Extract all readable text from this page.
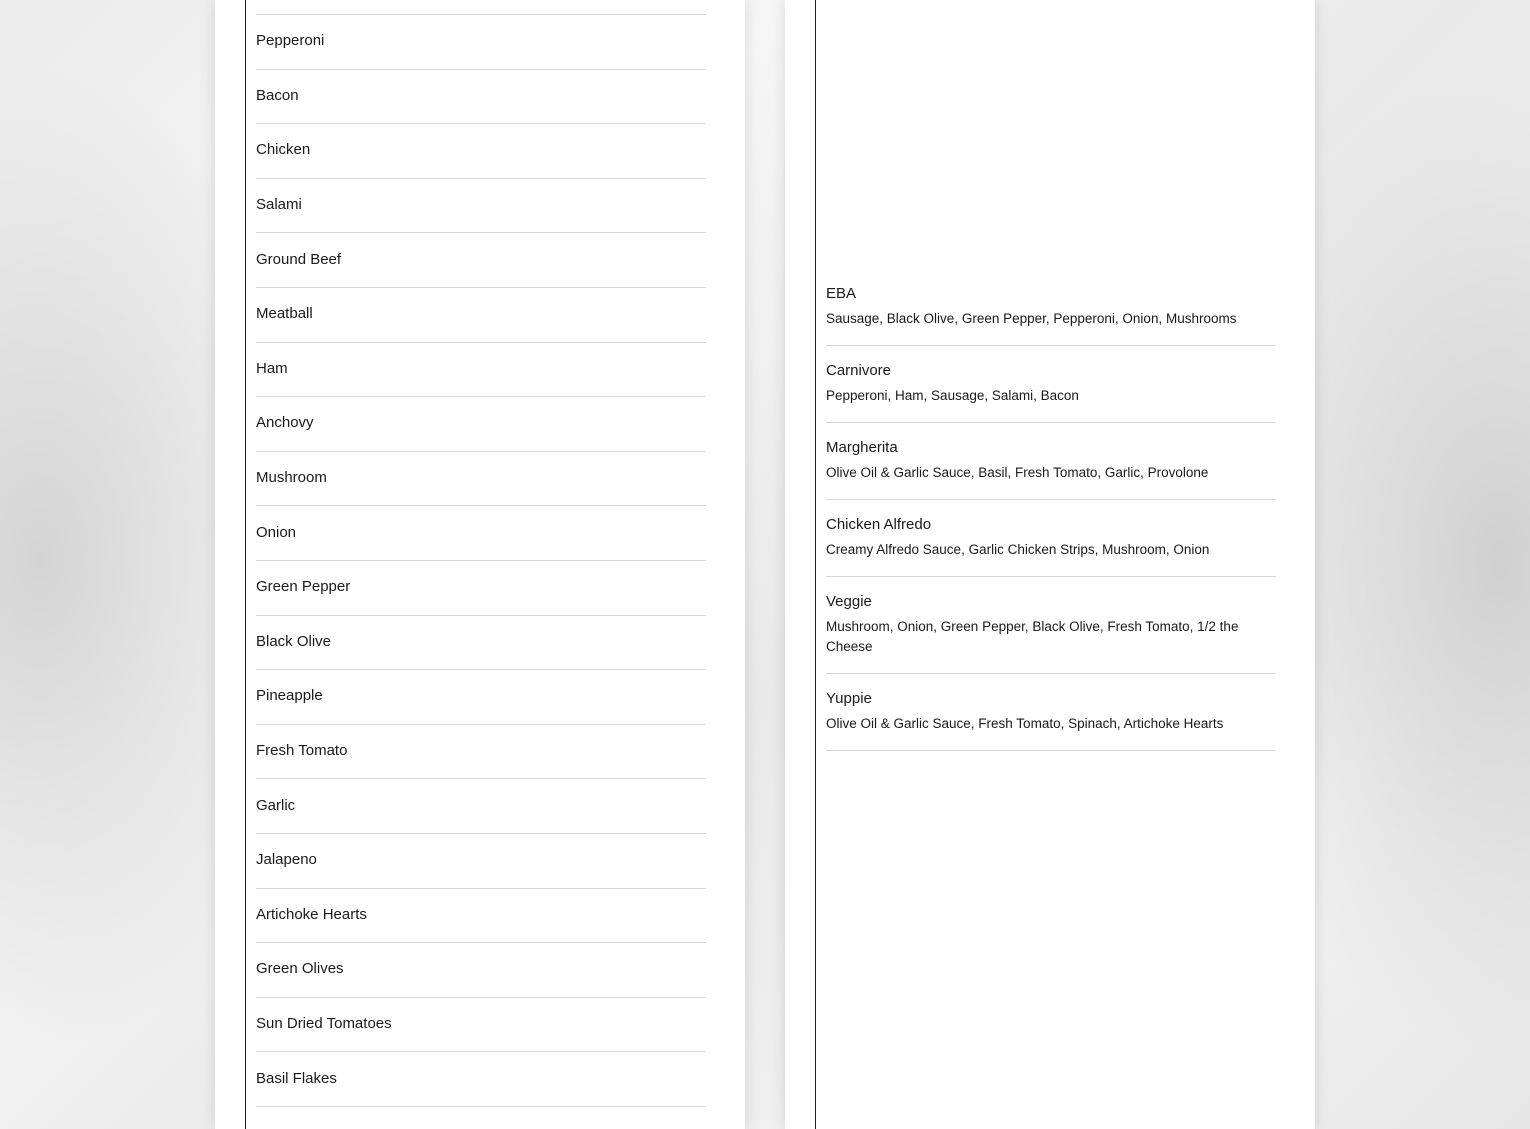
Pepperoni
Bacon
Chicken
Salami
Ground Beef
Meatball
Ham
Anchovy
Mushroom
Onion
Green Pepper
Black Olive
Pineapple
Fresh Tomato
Garlic
Jalapeno
Artichoke Hearts
Green Olives
Sun Dried Tomatoes
Basil Flakes
EBA
Sausage, Black Olive, Green Pepper, Pepperoni, Onion, Mushrooms
Carnivore
Pepperoni, Ham, Sausage, Salami, Bacon
Margherita
Olive Oil & Garlic Sauce, Basil, Fresh Tomato, Garlic, Provolone
Chicken Alfredo
Creamy Alfredo Sauce, Garlic Chicken Strips, Mushroom, Onion
Veggie
Mushroom, Onion, Green Pepper, Black Olive, Fresh Tomato, 1/2 the Cheese
Yuppie
Olive Oil & Garlic Sauce, Fresh Tomato, Spinach, Artichoke Hearts
